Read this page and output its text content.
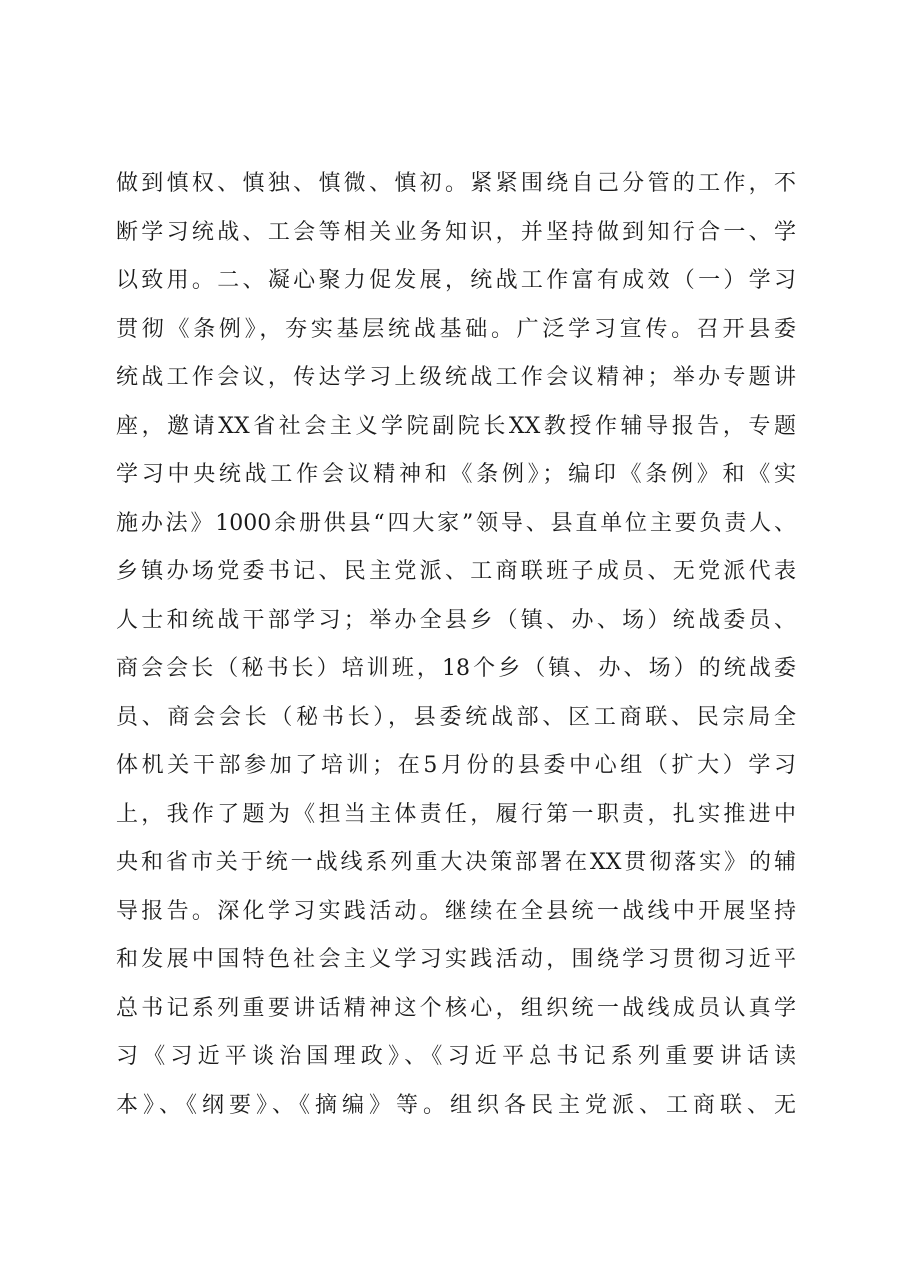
做到慎权、慎独、慎微、慎初。紧紧围绕自己分管的工作，不
断学习统战、工会等相关业务知识，并坚持做到知行合一、学
以致用。二、凝心聚力促发展，统战工作富有成效（一）学习
贯彻《条例》，夯实基层统战基础。广泛学习宣传。召开县委
统战工作会议，传达学习上级统战工作会议精神；举办专题讲
座，邀请XX省社会主义学院副院长XX教授作辅导报告，专题
学习中央统战工作会议精神和《条例》；编印《条例》和《实
施办法》1000余册供县“四大家”领导、县直单位主要负责人、
乡镇办场党委书记、民主党派、工商联班子成员、无党派代表
人士和统战干部学习；举办全县乡（镇、办、场）统战委员、
商会会长（秘书长）培训班，18个乡（镇、办、场）的统战委
员、商会会长（秘书长），县委统战部、区工商联、民宗局全
体机关干部参加了培训；在5月份的县委中心组（扩大）学习
上，我作了题为《担当主体责任，履行第一职责，扎实推进中
央和省市关于统一战线系列重大决策部署在XX贯彻落实》的辅
导报告。深化学习实践活动。继续在全县统一战线中开展坚持
和发展中国特色社会主义学习实践活动，围绕学习贯彻习近平
总书记系列重要讲话精神这个核心，组织统一战线成员认真学
习《习近平谈治国理政》、《习近平总书记系列重要讲话读
本》、《纲要》、《摘编》等。组织各民主党派、工商联、无
